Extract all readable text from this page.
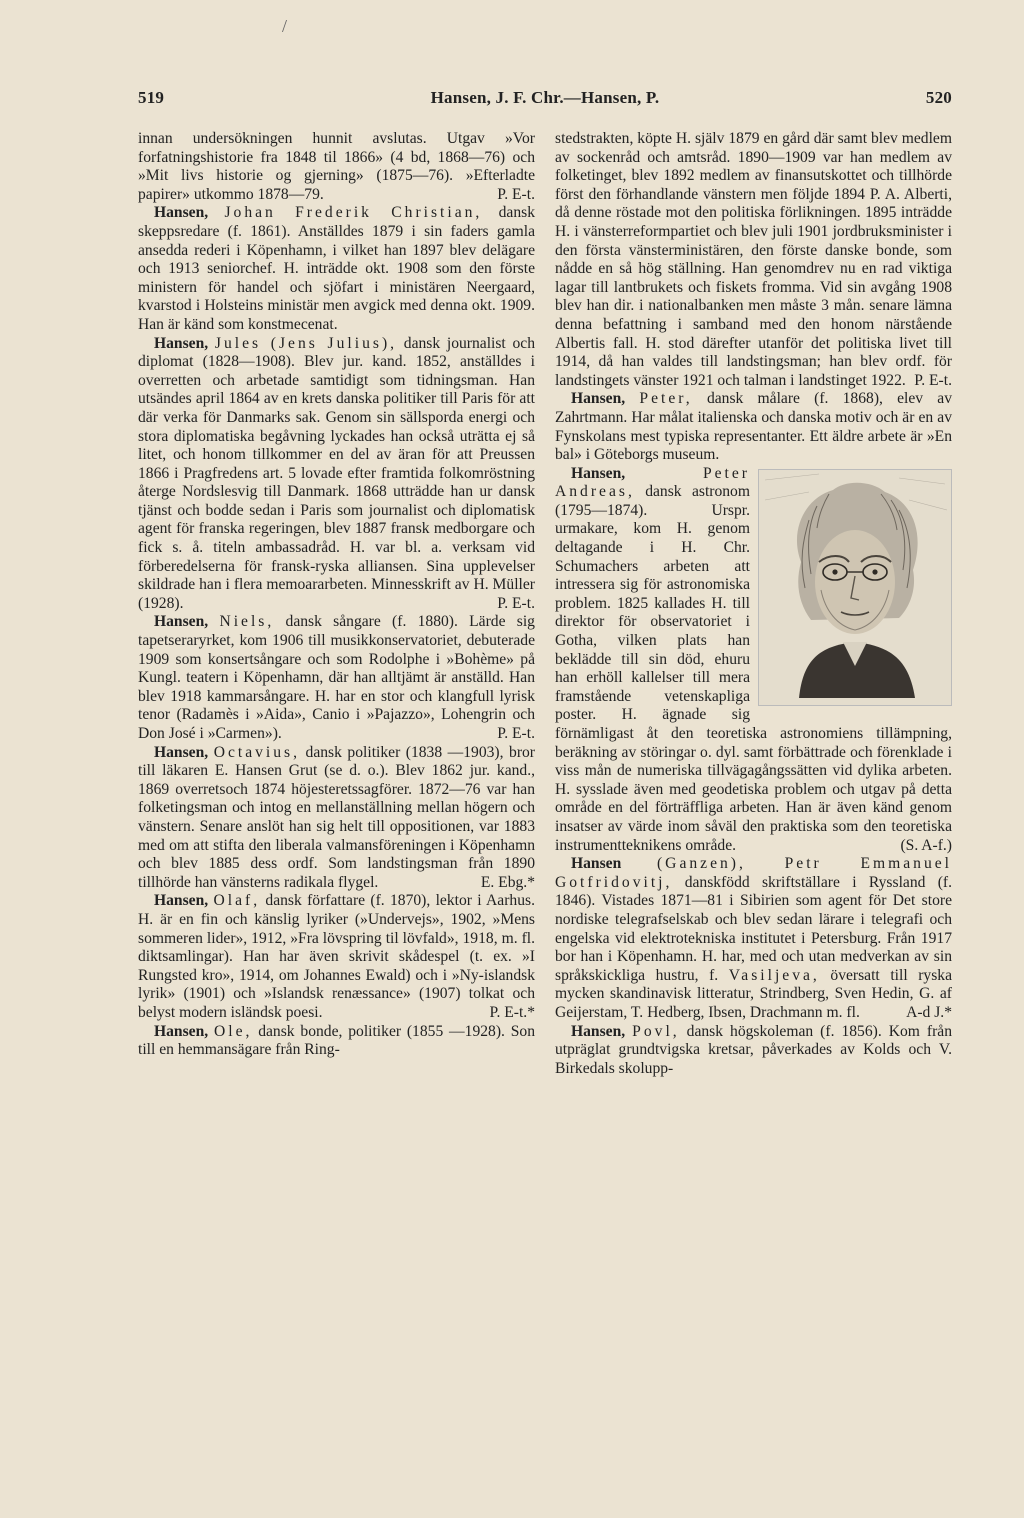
/
519	Hansen, J. F. Chr.—Hansen, P.	520

innan undersökningen hunnit avslutas. Utgav »Vor forfatningshistorie fra 1848 til 1866» (4 bd, 1868—76) och »Mit livs historie og gjerning» (1875—76). »Efterladte papirer» utkommo 1878—79.	P. E-t.

Hansen, Johan Frederik Christian, dansk skeppsredare (f. 1861). Anställdes 1879 i sin faders gamla ansedda rederi i Köpenhamn, i vilket han 1897 blev delägare och 1913 seniorchef. H. inträdde okt. 1908 som den förste ministern för handel och sjöfart i ministären Neergaard, kvarstod i Holsteins ministär men avgick med denna okt. 1909. Han är känd som konstmecenat.

Hansen, Jules (Jens Julius), dansk journalist och diplomat (1828—1908). Blev jur. kand. 1852, anställdes i overretten och arbetade samtidigt som tidningsman. Han utsändes april 1864 av en krets danska politiker till Paris för att där verka för Danmarks sak. Genom sin sällsporda energi och stora diplomatiska begåvning lyckades han också uträtta ej så litet, och honom tillkommer en del av äran för att Preussen 1866 i Pragfredens art. 5 lovade efter framtida folkomröstning återge Nordslesvig till Danmark. 1868 utträdde han ur dansk tjänst och bodde sedan i Paris som journalist och diplomatisk agent för franska regeringen, blev 1887 fransk medborgare och fick s. å. titeln ambassadråd. H. var bl. a. verksam vid förberedelserna för fransk-ryska alliansen. Sina upplevelser skildrade han i flera memoararbeten. Minnesskrift av H. Müller (1928).	P. E-t.

Hansen, Niels, dansk sångare (f. 1880). Lärde sig tapetseraryrket, kom 1906 till musikkonservatoriet, debuterade 1909 som konsertsångare och som Rodolphe i »Bohème» på Kungl. teatern i Köpenhamn, där han alltjämt är anställd. Han blev 1918 kammarsångare. H. har en stor och klangfull lyrisk tenor (Radamès i »Aida», Canio i »Pajazzo», Lohengrin och Don José i »Carmen»).	P. E-t.

Hansen, Octavius, dansk politiker (1838 —1903), bror till läkaren E. Hansen Grut (se d. o.). Blev 1862 jur. kand., 1869 overretsoch 1874 höjesteretssagförer. 1872—76 var han folketingsman och intog en mellanställning mellan högern och vänstern. Senare anslöt han sig helt till oppositionen, var 1883 med om att stifta den liberala valmansföreningen i Köpenhamn och blev 1885 dess ordf. Som landstingsman från 1890 tillhörde han vänsterns radikala flygel.	E. Ebg.*

Hansen, Olaf, dansk författare (f. 1870), lektor i Aarhus. H. är en fin och känslig lyriker (»Undervejs», 1902, »Mens sommeren lider», 1912, »Fra lövspring til lövfald», 1918, m. fl. diktsamlingar). Han har även skrivit skådespel (t. ex. »I Rungsted kro», 1914, om Johannes Ewald) och i »Ny-islandsk lyrik» (1901) och »Islandsk renæssance» (1907) tolkat och belyst modern isländsk poesi.	P. E-t.*

Hansen, Ole, dansk bonde, politiker (1855 —1928). Son till en hemmansägare från Ring-

stedstrakten, köpte H. själv 1879 en gård där samt blev medlem av sockenråd och amtsråd. 1890—1909 var han medlem av folketinget, blev 1892 medlem av finansutskottet och tillhörde först den förhandlande vänstern men följde 1894 P. A. Alberti, då denne röstade mot den politiska förlikningen. 1895 inträdde H. i vänsterreformpartiet och blev juli 1901 jordbruksminister i den första vänsterministären, den förste danske bonde, som nådde en så hög ställning. Han genomdrev nu en rad viktiga lagar till lantbrukets och fiskets fromma. Vid sin avgång 1908 blev han dir. i nationalbanken men måste 3 mån. senare lämna denna befattning i samband med den honom närstående Albertis fall. H. stod därefter utanför det politiska livet till 1914, då han valdes till landstingsman; han blev ordf. för landstingets vänster 1921 och talman i landstinget 1922. P. E-t.

Hansen, Peter, dansk målare (f. 1868), elev av Zahrtmann. Har målat italienska och danska motiv och är en av Fynskolans mest typiska representanter. Ett äldre arbete är »En bal» i Göteborgs museum.

Hansen,	Peter Andreas, dansk astronom (1795—1874). Urspr. urmakare, kom H. genom deltagande i H. Chr. Schumachers arbeten att intressera sig för astronomiska problem. 1825 kallades H. till direktor för observatoriet i Gotha, vilken plats han beklädde till sin död, ehuru han erhöll kallelser till mera framstående vetenskapliga poster. H. ägnade sig förnämligast åt den teoretiska astronomiens tillämpning, beräkning av störingar o. dyl. samt förbättrade och förenklade i viss mån de numeriska tillvägagångssätten vid dylika arbeten. H. sysslade även med geodetiska problem och utgav på detta område en del förträffliga arbeten. Han är även känd genom insatser av värde inom såväl den praktiska som den teoretiska instrumentteknikens område.	(S. A-f.)

Hansen (Ganzen), Petr Emmanuel Gotfridovitj, danskfödd skriftställare i Ryssland (f. 1846). Vistades 1871—81 i Sibirien som agent för Det store nordiske telegrafselskab och blev sedan lärare i telegrafi och engelska vid elektrotekniska institutet i Petersburg. Från 1917 bor han i Köpenhamn. H. har, med och utan medverkan av sin språkskickliga hustru, f. Vasiljeva, översatt till ryska mycken skandinavisk litteratur, Strindberg, Sven Hedin, G. af Geijerstam, T. Hedberg, Ibsen, Drachmann m. fl.	A-d J.*

Hansen, Povl, dansk högskoleman (f. 1856). Kom från utpräglat grundtvigska kretsar, påverkades av Kolds och V. Birkedals skolupp-
